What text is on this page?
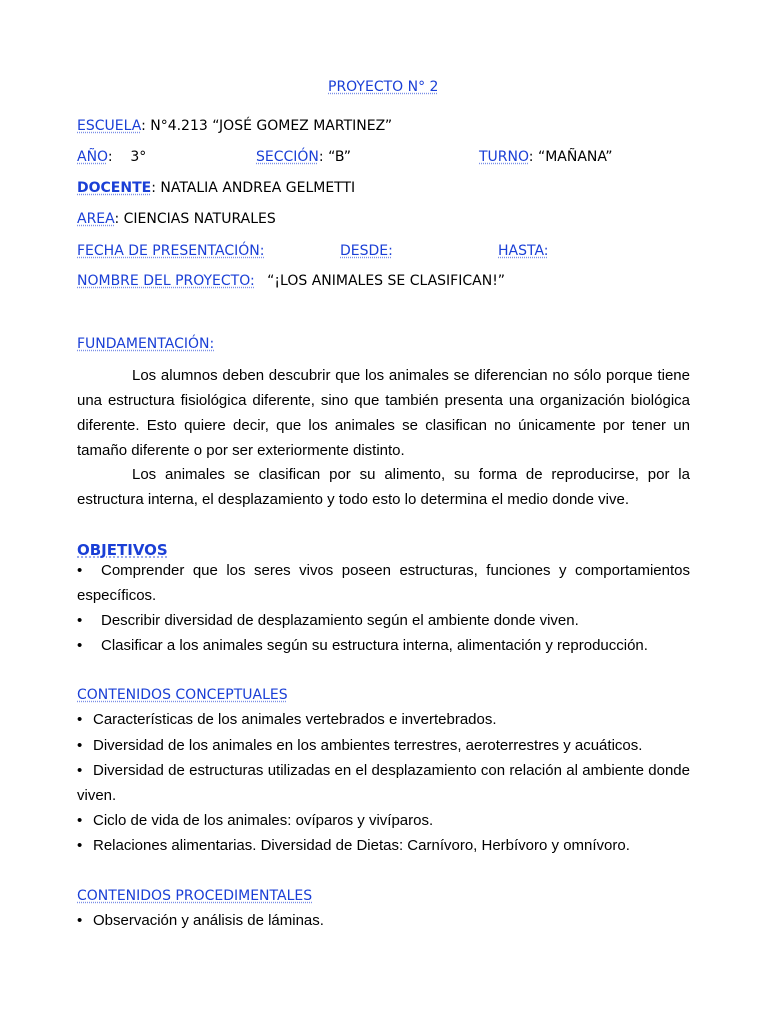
PROYECTO N° 2
ESCUELA: N°4.213 “JOSÉ GOMEZ MARTINEZ”
AÑO:    3°	SECCIÓN: “B”	TURNO: “MAÑANA”
DOCENTE: NATALIA ANDREA GELMETTI
AREA: CIENCIAS NATURALES
FECHA DE PRESENTACIÓN:	DESDE:	HASTA:
NOMBRE DEL PROYECTO: “¡LOS ANIMALES SE CLASIFICAN!”
FUNDAMENTACIÓN:
Los alumnos deben descubrir que los animales se diferencian no sólo porque tiene una estructura fisiológica diferente, sino que también presenta una organización biológica diferente. Esto quiere decir, que los animales se clasifican no únicamente por tener un tamaño diferente o por ser exteriormente distinto.
Los animales se clasifican por su alimento, su forma de reproducirse, por la estructura interna, el desplazamiento y todo esto lo determina el medio donde vive.
OBJETIVOS
• Comprender que los seres vivos poseen estructuras, funciones y comportamientos específicos.
• Describir diversidad de desplazamiento según el ambiente donde viven.
• Clasificar a los animales según su estructura interna, alimentación y reproducción.
CONTENIDOS CONCEPTUALES
• Características de los animales vertebrados e invertebrados.
• Diversidad de los animales en los ambientes terrestres, aeroterrestres y acuáticos.
• Diversidad de estructuras utilizadas en el desplazamiento con relación al ambiente donde viven.
• Ciclo de vida de los animales: ovíparos y vivíparos.
• Relaciones alimentarias. Diversidad de Dietas: Carnívoro, Herbívoro y omnívoro.
CONTENIDOS PROCEDIMENTALES
• Observación y análisis de láminas.
